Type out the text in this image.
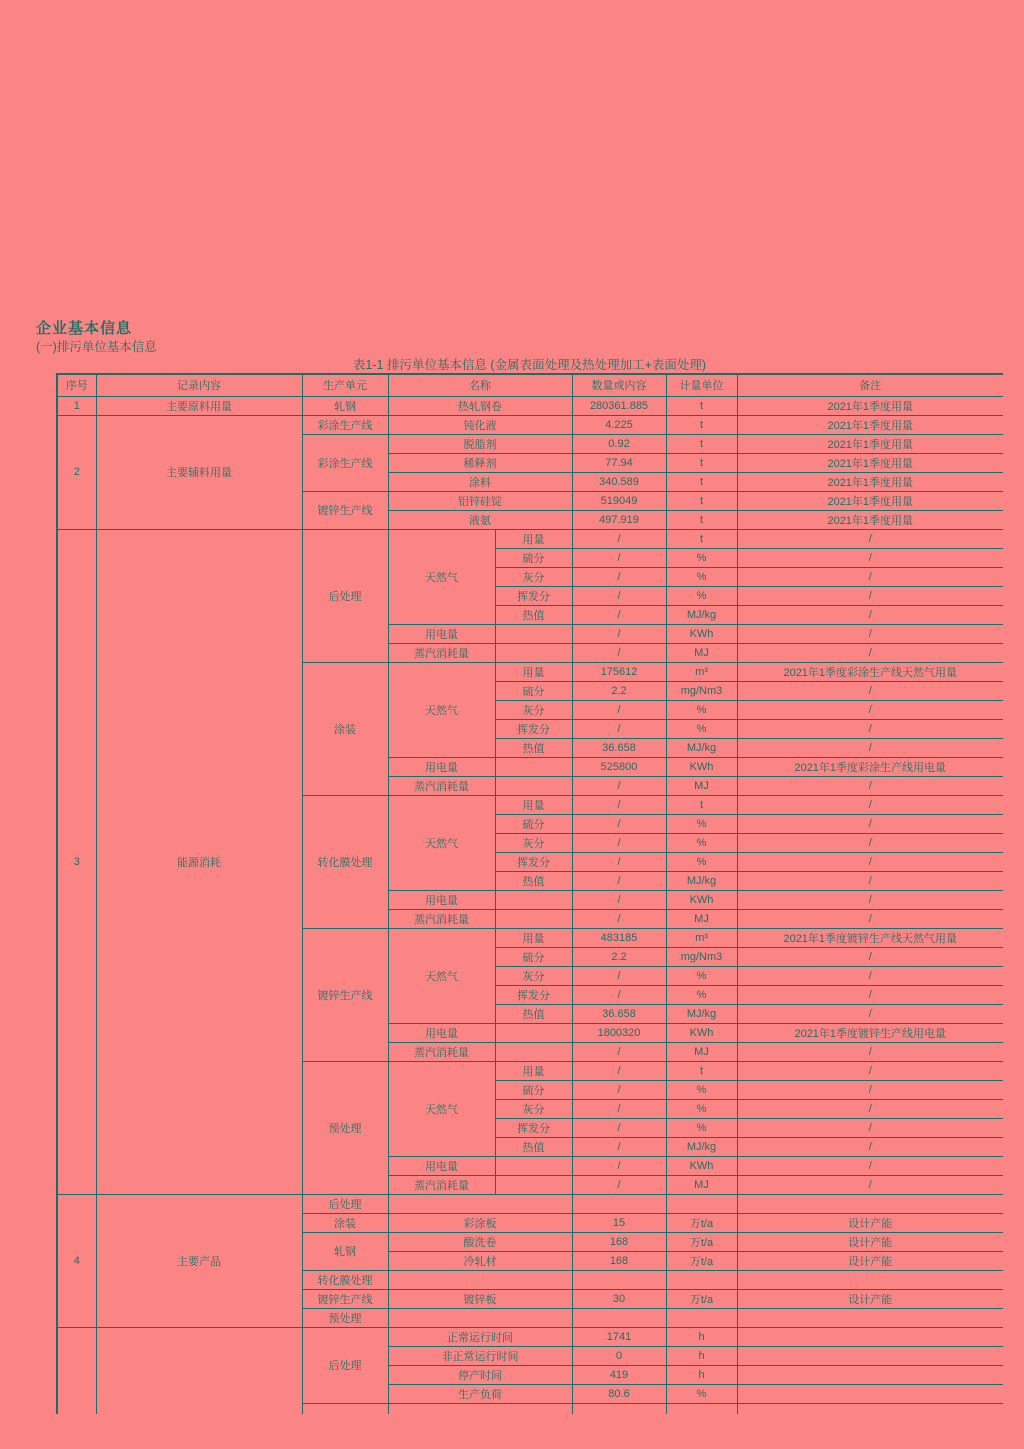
企业基本信息
(一)排污单位基本信息
表1-1 排污单位基本信息 (金属表面处理及热处理加工+表面处理)
序号	记录内容	生产单元	名称		数量或内容	计量单位	备注
1	主要原料用量	轧钢	热轧钢卷		280361.885	t	2021年1季度用量
2	主要辅料用量	彩涂生产线	钝化液		4.225	t	2021年1季度用量
		彩涂生产线	脱脂剂		0.92	t	2021年1季度用量
			稀释剂		77.94	t	2021年1季度用量
			涂料		340.589	t	2021年1季度用量
		镀锌生产线	铝锌硅锭		519049	t	2021年1季度用量
			液氨		497.919	t	2021年1季度用量
3	能源消耗	后处理	天然气	用量	/	t	/
				硫分	/	%	/
				灰分	/	%	/
				挥发分	/	%	/
				热值	/	MJ/kg	/
			用电量		/	KWh	/
			蒸汽消耗量		/	MJ	/
		涂装	天然气	用量	175612	m³	2021年1季度彩涂生产线天然气用量
				硫分	2.2	mg/Nm3	/
				灰分	/	%	/
				挥发分	/	%	/
				热值	36.658	MJ/kg	/
			用电量		525800	KWh	2021年1季度彩涂生产线用电量
			蒸汽消耗量		/	MJ	/
		转化膜处理	天然气	用量	/	t	/
				硫分	/	%	/
				灰分	/	%	/
				挥发分	/	%	/
				热值	/	MJ/kg	/
			用电量		/	KWh	/
			蒸汽消耗量		/	MJ	/
		镀锌生产线	天然气	用量	483185	m³	2021年1季度镀锌生产线天然气用量
				硫分	2.2	mg/Nm3	/
				灰分	/	%	/
				挥发分	/	%	/
				热值	36.658	MJ/kg	/
			用电量		1800320	KWh	2021年1季度镀锌生产线用电量
			蒸汽消耗量		/	MJ	/
		预处理	天然气	用量	/	t	/
				硫分	/	%	/
				灰分	/	%	/
				挥发分	/	%	/
				热值	/	MJ/kg	/
			用电量		/	KWh	/
			蒸汽消耗量		/	MJ	/
4	主要产品	后处理					
		涂装	彩涂板		15	万t/a	设计产能
		轧钢	酸洗卷		168	万t/a	设计产能
			冷轧材		168	万t/a	设计产能
		转化膜处理					
		镀锌生产线	镀锌板		30	万t/a	设计产能
		预处理					
		后处理	正常运行时间		1741	h	
			非正常运行时间		0	h	
			停产时间		419	h	
			生产负荷		80.6	%	
